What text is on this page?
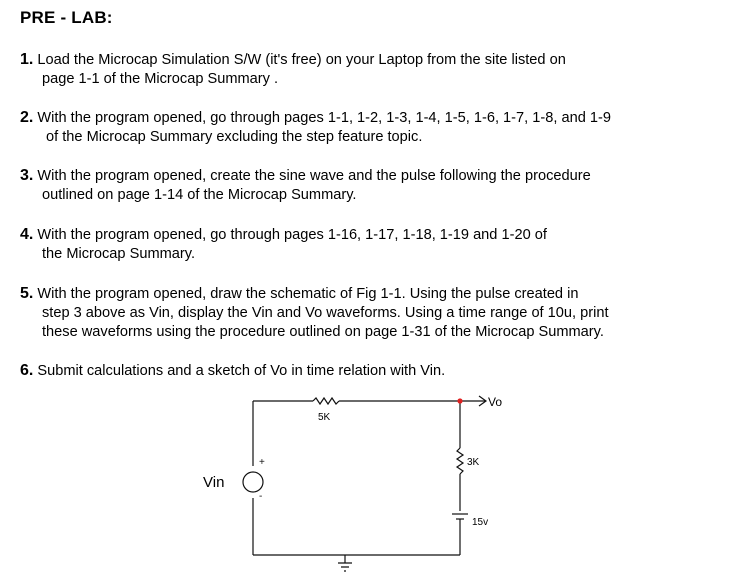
PRE - LAB:
1. Load the Microcap Simulation S/W (it's free) on your Laptop from the site listed on
page 1-1 of the Microcap Summary .
2. With the program opened, go through pages 1-1, 1-2, 1-3, 1-4, 1-5, 1-6, 1-7, 1-8, and 1-9
of the Microcap Summary excluding the step feature topic.
3. With the program opened, create the sine wave and the pulse following the procedure
outlined on page 1-14 of the Microcap Summary.
4. With the program opened, go through pages 1-16, 1-17, 1-18, 1-19 and 1-20 of
the Microcap Summary.
5. With the program opened, draw the schematic of Fig 1-1. Using the pulse created in
step 3 above as Vin, display the Vin and Vo waveforms. Using a time range of 10u, print
these waveforms using the procedure outlined on page 1-31 of the Microcap Summary.
6. Submit calculations and a sketch of Vo in time relation with Vin.
+
-
Vin
Vo
5K
3K
15v
